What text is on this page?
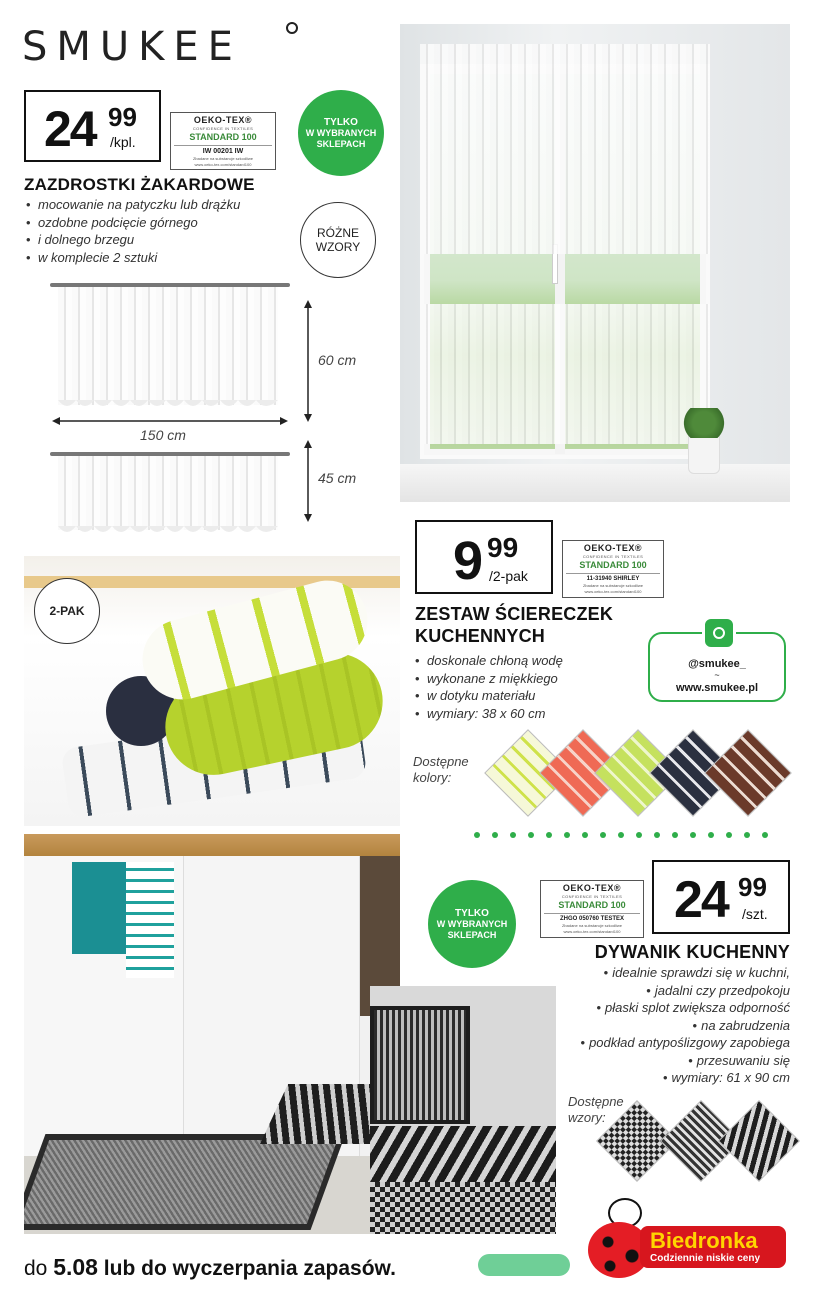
SMUKEE
24 99
/kpl.
OEKO-TEX®
CONFIDENCE IN TEXTILES
STANDARD 100
IW 00201 IW
Zbadane na substancje szkodliwe
www.oeko-tex.com/standard100
TYLKO
W WYBRANYCH
SKLEPACH
ZAZDROSTKI ŻAKARDOWE
• mocowanie na patyczku lub drążku
• ozdobne podcięcie górnego
• i dolnego brzegu
• w komplecie 2 sztuki
RÓŻNE
WZORY
60 cm
150 cm
45 cm
2-PAK
9 99
/2-pak
OEKO-TEX®
CONFIDENCE IN TEXTILES
STANDARD 100
11-31940 SHIRLEY
Zbadane na substancje szkodliwe
www.oeko-tex.com/standard100
ZESTAW ŚCIERECZEK
KUCHENNYCH
• doskonale chłoną wodę
• wykonane z miękkiego
• w dotyku materiału
• wymiary: 38 x 60 cm
@smukee_
~
www.smukee.pl
Dostępne
kolory:
TYLKO
W WYBRANYCH
SKLEPACH
OEKO-TEX®
CONFIDENCE IN TEXTILES
STANDARD 100
ZHGO 050760 TESTEX
Zbadane na substancje szkodliwe
www.oeko-tex.com/standard100
24 99
/szt.
DYWANIK KUCHENNY
• idealnie sprawdzi się w kuchni,
• jadalni czy przedpokoju
• płaski splot zwiększa odporność
• na zabrudzenia
• podkład antypoślizgowy zapobiega
• przesuwaniu się
• wymiary: 61 x 90 cm
Dostępne
wzory:
do 5.08 lub do wyczerpania zapasów.
Biedronka
Codziennie niskie ceny
